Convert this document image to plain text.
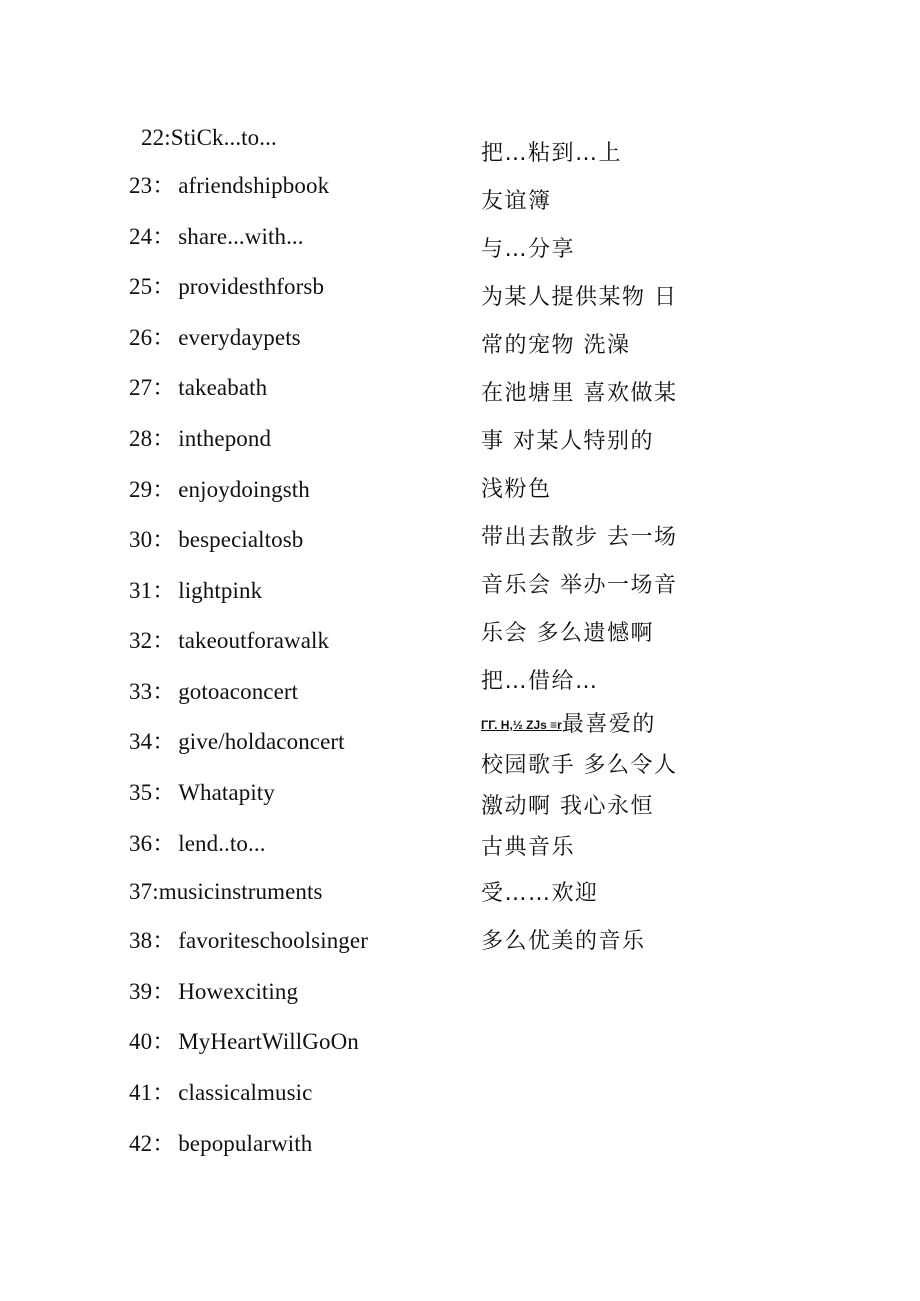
22:StiCk...to...
23： afriendshipbook
24： share...with...
25： providesthforsb
26： everydaypets
27： takeabath
28： inthepond
29： enjoydoingsth
30： bespecialtosb
31： lightpink
32： takeoutforawalk
33： gotoaconcert
34： give/holdaconcert
35： Whatapity
36： lend..to...
37:musicinstruments
38： favoriteschoolsinger
39： Howexciting
40： MyHeartWillGoOn
41： classicalmusic
42： bepopularwith
把…粘到…上
友谊簿
与…分享
为某人提供某物 日
常的宠物 洗澡
在池塘里 喜欢做某
事 对某人特别的
浅粉色
带出去散步 去一场
音乐会 举办一场音
乐会 多么遗憾啊
把…借给…
ΓΓ. H,½ ZJs ≡r最喜爱的
校园歌手 多么令人
激动啊 我心永恒
古典音乐
受……欢迎
多么优美的音乐
